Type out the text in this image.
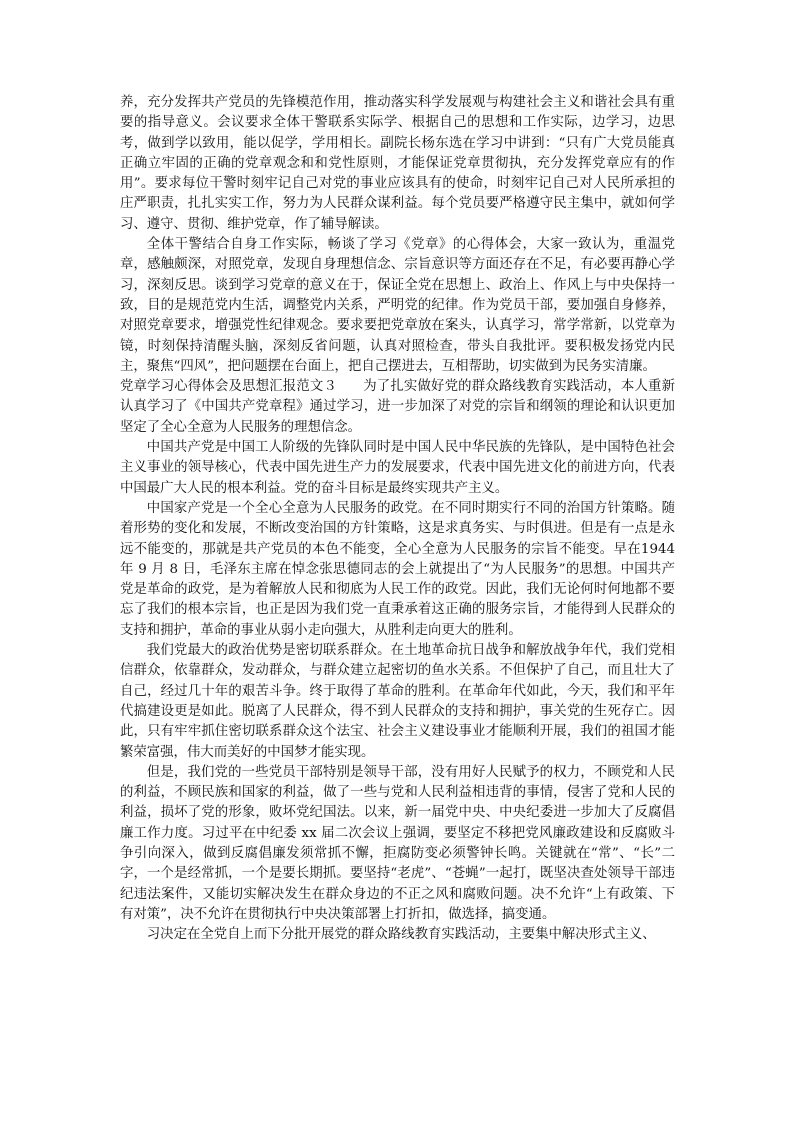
养，充分发挥共产党员的先锋模范作用，推动落实科学发展观与构建社会主义和谐社会具有重要的指导意义。会议要求全体干警联系实际学、根据自己的思想和工作实际，边学习，边思考，做到学以致用，能以促学，学用相长。副院长杨东选在学习中讲到：“只有广大党员能真正确立牢固的正确的党章观念和和党性原则，才能保证党章贯彻执，充分发挥党章应有的作用”。要求每位干警时刻牢记自己对党的事业应该具有的使命，时刻牢记自己对人民所承担的庄严职责，扎扎实实工作，努力为人民群众谋利益。每个党员要严格遵守民主集中，就如何学习、遵守、贯彻、维护党章，作了辅导解读。

全体干警结合自身工作实际，畅谈了学习《党章》的心得体会，大家一致认为，重温党章，感触颇深，对照党章，发现自身理想信念、宗旨意识等方面还存在不足，有必要再静心学习，深刻反思。谈到学习党章的意义在于，保证全党在思想上、政治上、作风上与中央保持一致，目的是规范党内生活，调整党内关系，严明党的纪律。作为党员干部，要加强自身修养，对照党章要求，增强党性纪律观念。要求要把党章放在案头，认真学习，常学常新，以党章为镜，时刻保持清醒头脑，深刻反省问题，认真对照检查，带头自我批评。要积极发扬党内民主，聚焦“四风”，把问题摆在台面上，把自己摆进去，互相帮助，切实做到为民务实清廉。

党章学习心得体会及思想汇报范文３ 为了扎实做好党的群众路线教育实践活动，本人重新认真学习了《中国共产党章程》通过学习，进一步加深了对党的宗旨和纲领的理论和认识更加坚定了全心全意为人民服务的理想信念。

中国共产党是中国工人阶级的先锋队同时是中国人民中华民族的先锋队，是中国特色社会主义事业的领导核心，代表中国先进生产力的发展要求，代表中国先进文化的前进方向，代表中国最广大人民的根本利益。党的奋斗目标是最终实现共产主义。

中国家产党是一个全心全意为人民服务的政党。在不同时期实行不同的治国方针策略。随着形势的变化和发展，不断改变治国的方针策略，这是求真务实、与时俱进。但是有一点是永远不能变的，那就是共产党员的本色不能变，全心全意为人民服务的宗旨不能变。早在1944 年 9 月 8 日，毛泽东主席在悼念张思德同志的会上就提出了“为人民服务”的思想。中国共产党是革命的政党，是为着解放人民和彻底为人民工作的政党。因此，我们无论何时何地都不要忘了我们的根本宗旨，也正是因为我们党一直秉承着这正确的服务宗旨，才能得到人民群众的支持和拥护，革命的事业从弱小走向强大，从胜利走向更大的胜利。

我们党最大的政治优势是密切联系群众。在土地革命抗日战争和解放战争年代，我们党相信群众，依靠群众，发动群众，与群众建立起密切的鱼水关系。不但保护了自己，而且壮大了自己，经过几十年的艰苦斗争。终于取得了革命的胜利。在革命年代如此，今天，我们和平年代搞建设更是如此。脱离了人民群众，得不到人民群众的支持和拥护，事关党的生死存亡。因此，只有牢牢抓住密切联系群众这个法宝、社会主义建设事业才能顺利开展，我们的祖国才能繁荣富强，伟大而美好的中国梦才能实现。

但是，我们党的一些党员干部特别是领导干部，没有用好人民赋予的权力，不顾党和人民的利益，不顾民族和国家的利益，做了一些与党和人民利益相违背的事情，侵害了党和人民的利益，损坏了党的形象，败坏党纪国法。以来，新一届党中央、中央纪委进一步加大了反腐倡廉工作力度。习过平在中纪委 xx 届二次会议上强调，要坚定不移把党风廉政建设和反腐败斗争引向深入，做到反腐倡廉发须常抓不懈，拒腐防变必须警钟长鸣。关键就在“常”、“长”二字，一个是经常抓，一个是要长期抓。要坚持“老虎”、“苍蝇”一起打，既坚决查处领导干部违纪违法案件，又能切实解决发生在群众身边的不正之风和腐败问题。决不允许“上有政策、下有对策”，决不允许在贯彻执行中央决策部署上打折扣，做选择，搞变通。

习决定在全党自上而下分批开展党的群众路线教育实践活动，主要集中解决形式主义、
